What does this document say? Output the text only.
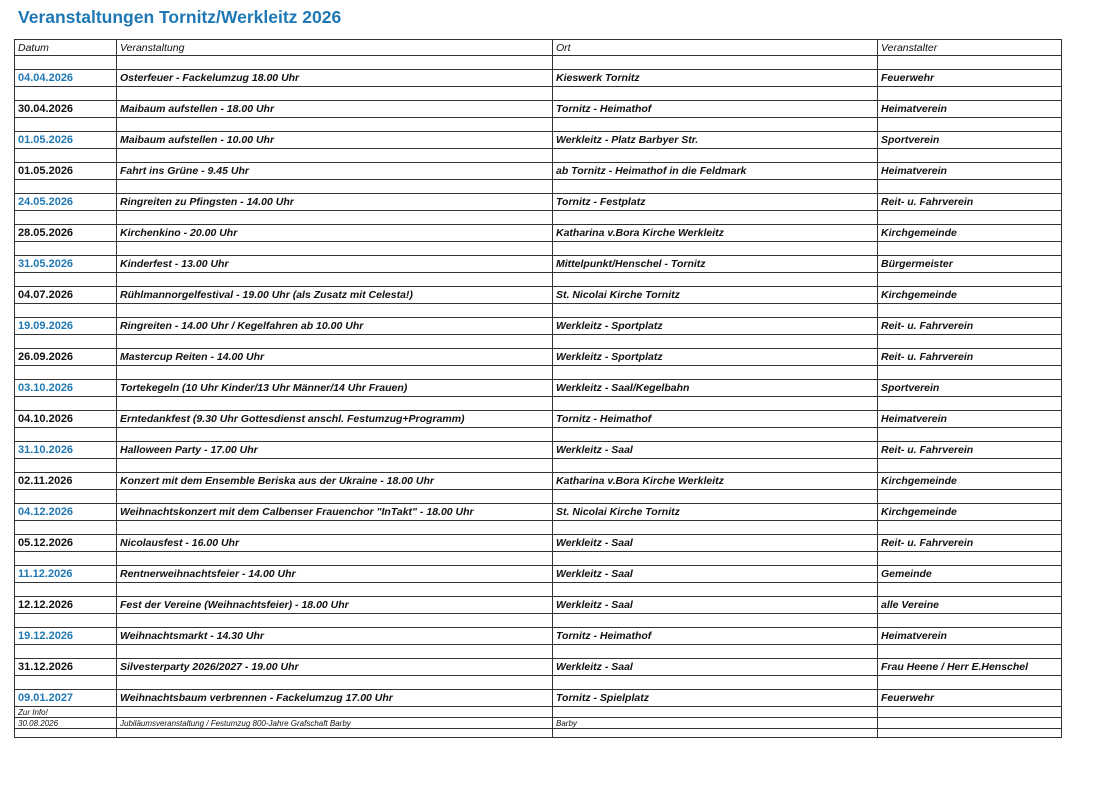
Veranstaltungen Tornitz/Werkleitz 2026
Datum	Veranstaltung	Ort	Veranstalter

04.04.2026	Osterfeuer - Fackelumzug 18.00 Uhr	Kieswerk Tornitz	Feuerwehr

30.04.2026	Maibaum aufstellen - 18.00 Uhr	Tornitz - Heimathof	Heimatverein

01.05.2026	Maibaum aufstellen - 10.00 Uhr	Werkleitz - Platz Barbyer Str.	Sportverein

01.05.2026	Fahrt ins Grüne - 9.45 Uhr	ab Tornitz - Heimathof in die Feldmark	Heimatverein

24.05.2026	Ringreiten zu Pfingsten - 14.00 Uhr	Tornitz - Festplatz	Reit- u. Fahrverein

28.05.2026	Kirchenkino - 20.00 Uhr	Katharina v.Bora Kirche Werkleitz	Kirchgemeinde

31.05.2026	Kinderfest - 13.00 Uhr	Mittelpunkt/Henschel - Tornitz	Bürgermeister

04.07.2026	Rühlmannorgelfestival - 19.00 Uhr (als Zusatz mit Celesta!)	St. Nicolai Kirche Tornitz	Kirchgemeinde

19.09.2026	Ringreiten - 14.00 Uhr / Kegelfahren ab 10.00 Uhr	Werkleitz - Sportplatz	Reit- u. Fahrverein

26.09.2026	Mastercup Reiten - 14.00 Uhr	Werkleitz - Sportplatz	Reit- u. Fahrverein

03.10.2026	Tortekegeln (10 Uhr Kinder/13 Uhr Männer/14 Uhr Frauen)	Werkleitz - Saal/Kegelbahn	Sportverein

04.10.2026	Erntedankfest (9.30 Uhr Gottesdienst anschl. Festumzug+Programm)	Tornitz - Heimathof	Heimatverein

31.10.2026	Halloween Party - 17.00 Uhr	Werkleitz - Saal	Reit- u. Fahrverein

02.11.2026	Konzert mit dem Ensemble Beriska aus der Ukraine - 18.00 Uhr	Katharina v.Bora Kirche Werkleitz	Kirchgemeinde

04.12.2026	Weihnachtskonzert mit dem Calbenser Frauenchor "InTakt" - 18.00 Uhr	St. Nicolai Kirche Tornitz	Kirchgemeinde

05.12.2026	Nicolausfest - 16.00 Uhr	Werkleitz - Saal	Reit- u. Fahrverein

11.12.2026	Rentnerweihnachtsfeier - 14.00 Uhr	Werkleitz - Saal	Gemeinde

12.12.2026	Fest der Vereine (Weihnachtsfeier) - 18.00 Uhr	Werkleitz - Saal	alle Vereine

19.12.2026	Weihnachtsmarkt - 14.30 Uhr	Tornitz - Heimathof	Heimatverein

31.12.2026	Silvesterparty 2026/2027 - 19.00 Uhr	Werkleitz - Saal	Frau Heene / Herr E.Henschel

09.01.2027	Weihnachtsbaum verbrennen - Fackelumzug 17.00 Uhr	Tornitz - Spielplatz	Feuerwehr
Zur Info!			
30.08.2026	Jubiläumsveranstaltung / Festumzug 800-Jahre Grafschaft Barby	Barby	
